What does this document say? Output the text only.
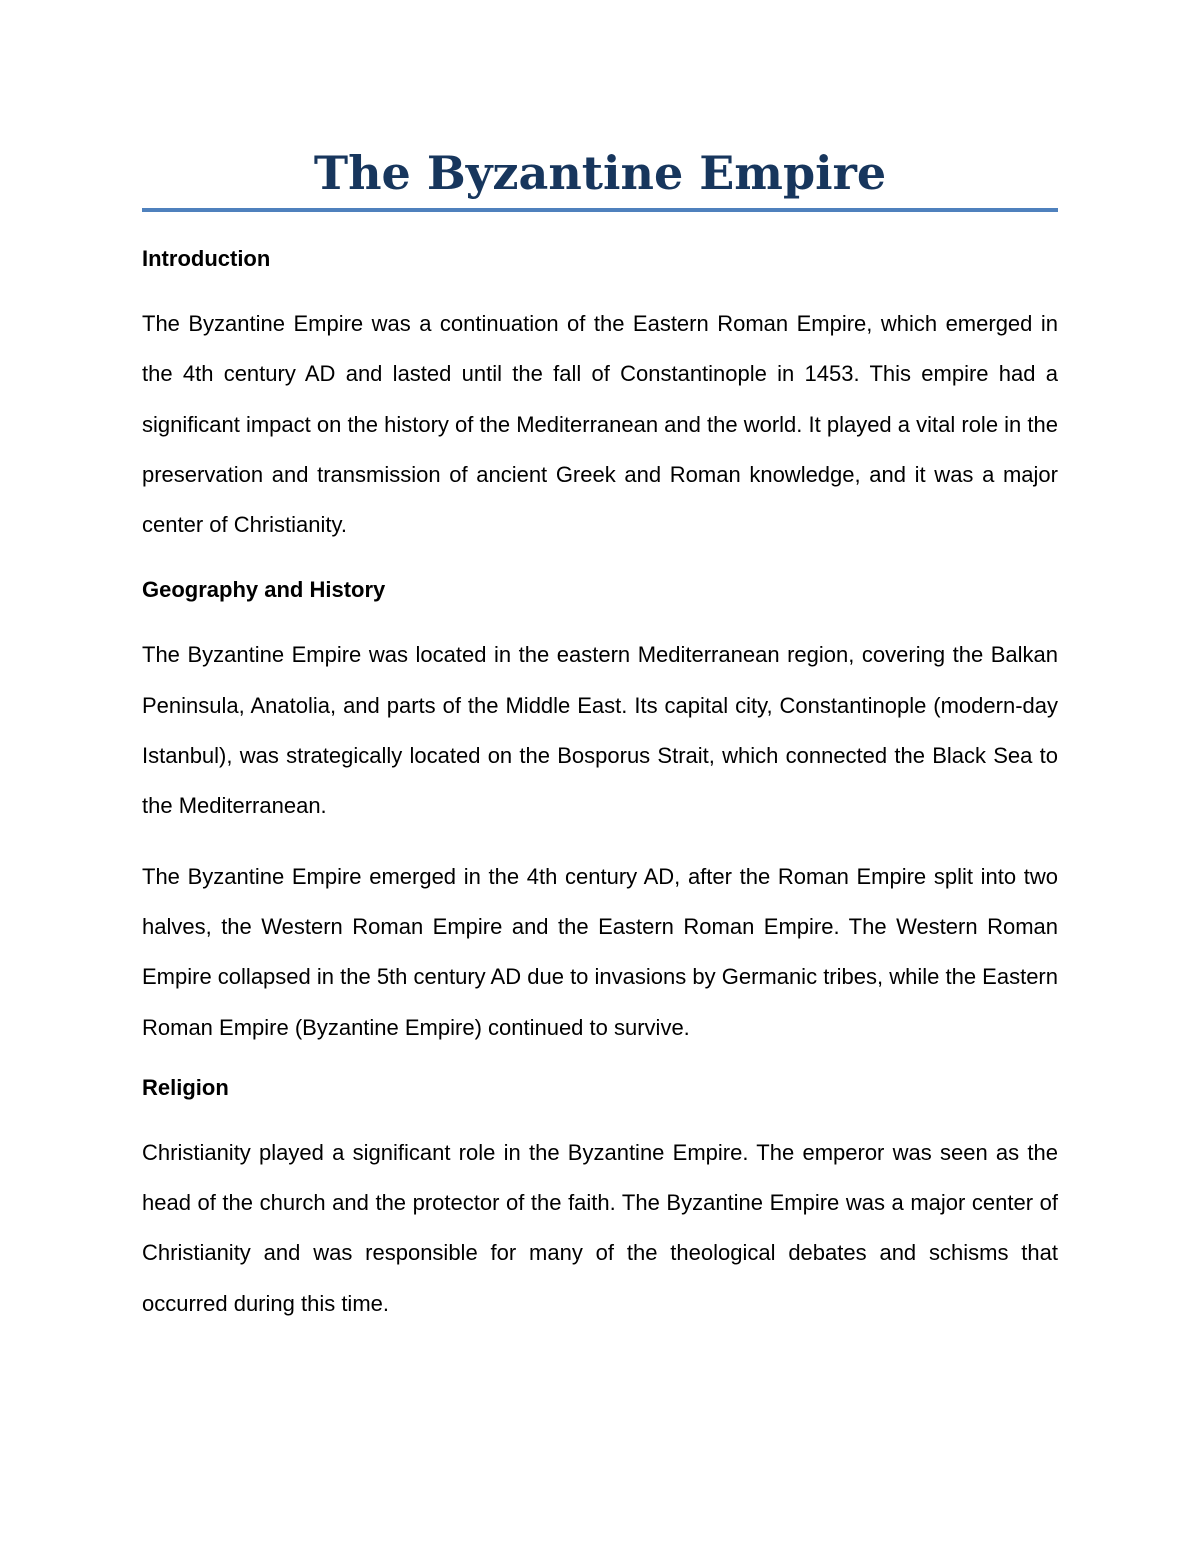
The Byzantine Empire
Introduction

The Byzantine Empire was a continuation of the Eastern Roman Empire, which emerged in the 4th century AD and lasted until the fall of Constantinople in 1453. This empire had a significant impact on the history of the Mediterranean and the world. It played a vital role in the preservation and transmission of ancient Greek and Roman knowledge, and it was a major center of Christianity.

Geography and History

The Byzantine Empire was located in the eastern Mediterranean region, covering the Balkan Peninsula, Anatolia, and parts of the Middle East. Its capital city, Constantinople (modern-day Istanbul), was strategically located on the Bosporus Strait, which connected the Black Sea to the Mediterranean.

The Byzantine Empire emerged in the 4th century AD, after the Roman Empire split into two halves, the Western Roman Empire and the Eastern Roman Empire. The Western Roman Empire collapsed in the 5th century AD due to invasions by Germanic tribes, while the Eastern Roman Empire (Byzantine Empire) continued to survive.

Religion

Christianity played a significant role in the Byzantine Empire. The emperor was seen as the head of the church and the protector of the faith. The Byzantine Empire was a major center of Christianity and was responsible for many of the theological debates and schisms that occurred during this time.
